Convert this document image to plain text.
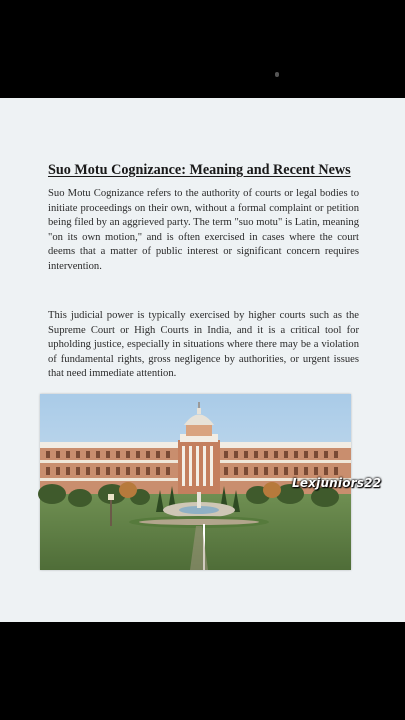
Suo Motu Cognizance: Meaning and Recent News

Suo Motu Cognizance refers to the authority of courts or legal bodies to initiate proceedings on their own, without a formal complaint or petition being filed by an aggrieved party. The term "suo motu" is Latin, meaning "on its own motion," and is often exercised in cases where the court deems that a matter of public interest or significant concern requires intervention.

This judicial power is typically exercised by higher courts such as the Supreme Court or High Courts in India, and it is a critical tool for upholding justice, especially in situations where there may be a violation of fundamental rights, gross negligence by authorities, or urgent issues that need immediate attention.

Lexjuniors22
